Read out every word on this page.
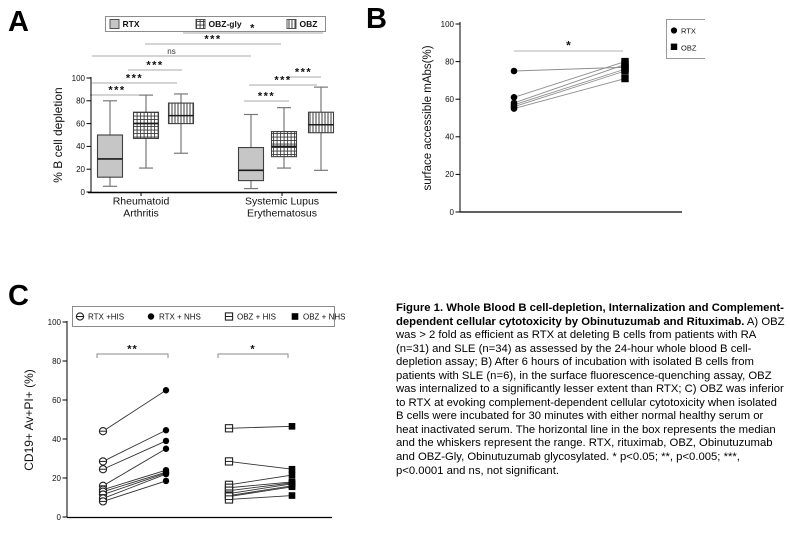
A	B
C
RTX	OBZ-gly	OBZ
*
***
ns
***
***
***
***
***
***
0
20
40
60
80
100
Rheumatoid
Arthritis
Systemic Lupus
Erythematosus
% B cell depletion
0
20
40
60
80
100
surface accessible mAbs(%)	*
RTX
OBZ
RTX +HIS	RTX + NHS	OBZ + HIS	OBZ + NHS
0
20
40
60
80
100
CD19+ Av+PI+ (%)
**	*
Figure 1. Whole Blood B cell-depletion, Internalization and Complement-dependent cellular cytotoxicity by Obinutuzumab and Rituximab. A) OBZ was > 2 fold as efficient as RTX at deleting B cells from patients with RA (n=31) and SLE (n=34) as assessed by the 24-hour whole blood B cell-depletion assay; B) After 6 hours of incubation with isolated B cells from patients with SLE (n=6), in the surface fluorescence-quenching assay, OBZ was internalized to a significantly lesser extent than RTX; C) OBZ was inferior to RTX at evoking complement-dependent cellular cytotoxicity when isolated B cells were incubated for 30 minutes with either normal healthy serum or heat inactivated serum. The horizontal line in the box represents the median and the whiskers represent the range. RTX, rituximab, OBZ, Obinutuzumab and OBZ-Gly, Obinutuzumab glycosylated. * p<0.05; **, p<0.005; ***, p<0.0001 and ns, not significant.
